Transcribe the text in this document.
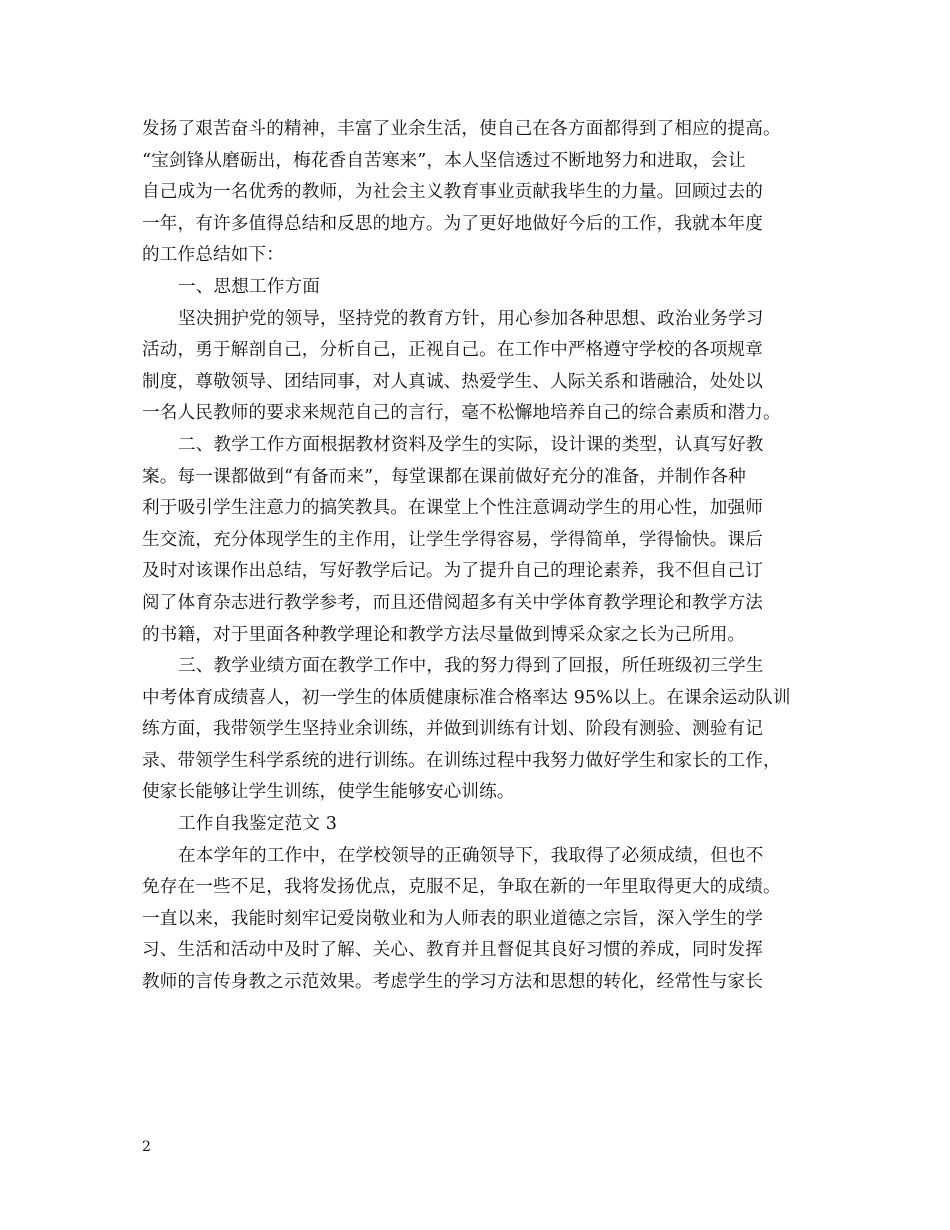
发扬了艰苦奋斗的精神，丰富了业余生活，使自己在各方面都得到了相应的提高。
“宝剑锋从磨砺出，梅花香自苦寒来”，本人坚信透过不断地努力和进取，会让
自己成为一名优秀的教师，为社会主义教育事业贡献我毕生的力量。回顾过去的
一年，有许多值得总结和反思的地方。为了更好地做好今后的工作，我就本年度
的工作总结如下：
一、思想工作方面
坚决拥护党的领导，坚持党的教育方针，用心参加各种思想、政治业务学习
活动，勇于解剖自己，分析自己，正视自己。在工作中严格遵守学校的各项规章
制度，尊敬领导、团结同事，对人真诚、热爱学生、人际关系和谐融洽，处处以
一名人民教师的要求来规范自己的言行，毫不松懈地培养自己的综合素质和潜力。
二、教学工作方面根据教材资料及学生的实际，设计课的类型，认真写好教
案。每一课都做到“有备而来”，每堂课都在课前做好充分的准备，并制作各种
利于吸引学生注意力的搞笑教具。在课堂上个性注意调动学生的用心性，加强师
生交流，充分体现学生的主作用，让学生学得容易，学得简单，学得愉快。课后
及时对该课作出总结，写好教学后记。为了提升自己的理论素养，我不但自己订
阅了体育杂志进行教学参考，而且还借阅超多有关中学体育教学理论和教学方法
的书籍，对于里面各种教学理论和教学方法尽量做到博采众家之长为己所用。
三、教学业绩方面在教学工作中，我的努力得到了回报，所任班级初三学生
中考体育成绩喜人，初一学生的体质健康标准合格率达 95%以上。在课余运动队训
练方面，我带领学生坚持业余训练，并做到训练有计划、阶段有测验、测验有记
录、带领学生科学系统的进行训练。在训练过程中我努力做好学生和家长的工作，
使家长能够让学生训练，使学生能够安心训练。
工作自我鉴定范文 3
在本学年的工作中，在学校领导的正确领导下，我取得了必须成绩，但也不
免存在一些不足，我将发扬优点，克服不足，争取在新的一年里取得更大的成绩。
一直以来，我能时刻牢记爱岗敬业和为人师表的职业道德之宗旨，深入学生的学
习、生活和活动中及时了解、关心、教育并且督促其良好习惯的养成，同时发挥
教师的言传身教之示范效果。考虑学生的学习方法和思想的转化，经常性与家长
2
